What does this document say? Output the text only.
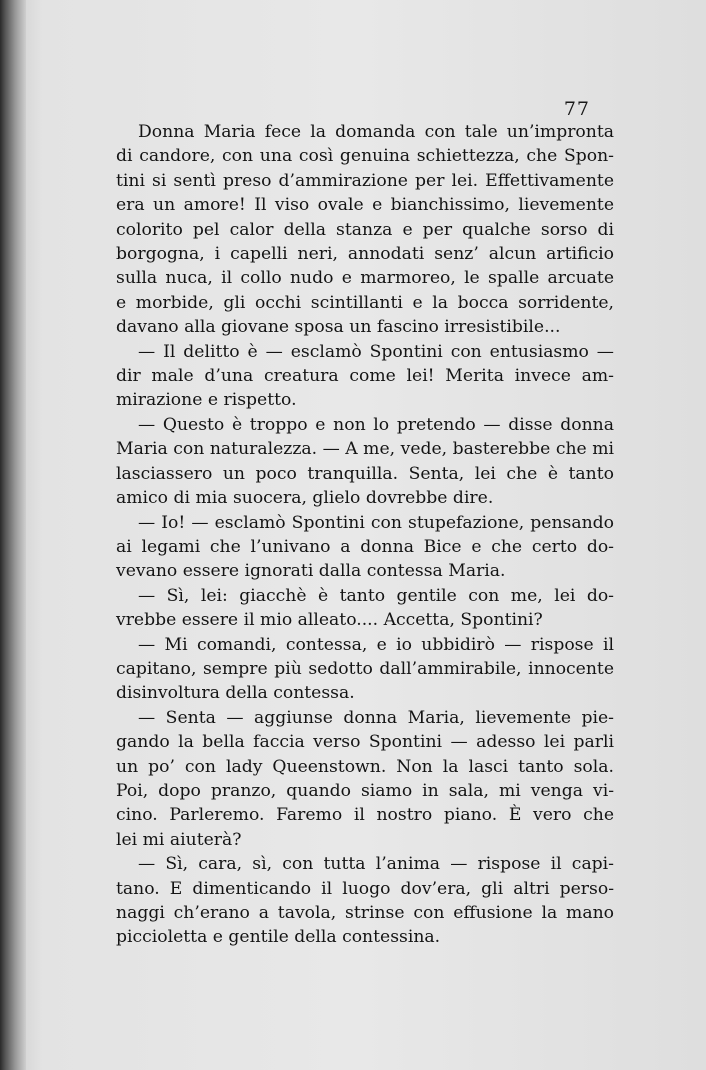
77
Donna Maria fece la domanda con tale un’impronta
di candore, con una così genuina schiettezza, che Spon-
tini si sentì preso d’ammirazione per lei. Effettivamente
era un amore! Il viso ovale e bianchissimo, lievemente
colorito pel calor della stanza e per qualche sorso di
borgogna, i capelli neri, annodati senz’ alcun artificio
sulla nuca, il collo nudo e marmoreo, le spalle arcuate
e morbide, gli occhi scintillanti e la bocca sorridente,
davano alla giovane sposa un fascino irresistibile...
— Il delitto è — esclamò Spontini con entusiasmo —
dir male d’una creatura come lei! Merita invece am-
mirazione e rispetto.
— Questo è troppo e non lo pretendo — disse donna
Maria con naturalezza. — A me, vede, basterebbe che mi
lasciassero un poco tranquilla. Senta, lei che è tanto
amico di mia suocera, glielo dovrebbe dire.
— Io! — esclamò Spontini con stupefazione, pensando
ai legami che l’univano a donna Bice e che certo do-
vevano essere ignorati dalla contessa Maria.
— Sì, lei: giacchè è tanto gentile con me, lei do-
vrebbe essere il mio alleato.... Accetta, Spontini?
— Mi comandi, contessa, e io ubbidirò — rispose il
capitano, sempre più sedotto dall’ammirabile, innocente
disinvoltura della contessa.
— Senta — aggiunse donna Maria, lievemente pie-
gando la bella faccia verso Spontini — adesso lei parli
un po’ con lady Queenstown. Non la lasci tanto sola.
Poi, dopo pranzo, quando siamo in sala, mi venga vi-
cino. Parleremo. Faremo il nostro piano. È vero che
lei mi aiuterà?
— Sì, cara, sì, con tutta l’anima — rispose il capi-
tano. E dimenticando il luogo dov’era, gli altri perso-
naggi ch’erano a tavola, strinse con effusione la mano
piccioletta e gentile della contessina.
